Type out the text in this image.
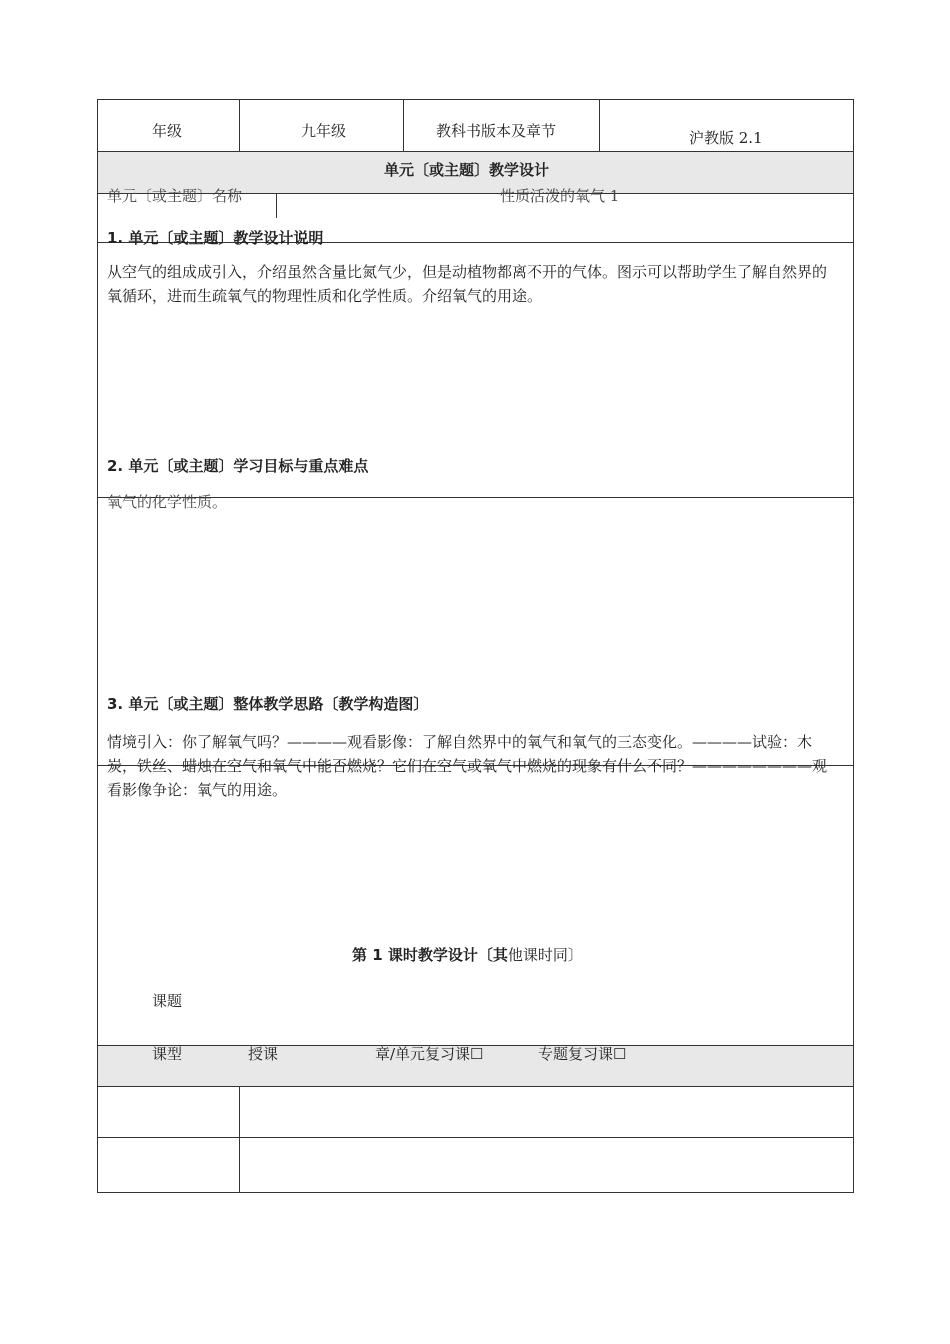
年级	九年级	教科书版本及章节	沪教版 2.1
单元〔或主题〕教学设计
单元〔或主题〕名称	性质活泼的氧气 1
1. 单元〔或主题〕教学设计说明
从空气的组成成引入，介绍虽然含量比氮气少，但是动植物都离不开的气体。图示可以帮助学生了解自然界的氧循环，进而生疏氧气的物理性质和化学性质。介绍氧气的用途。
2. 单元〔或主题〕学习目标与重点难点
氧气的化学性质。
3. 单元〔或主题〕整体教学思路〔教学构造图〕
情境引入：你了解氧气吗？————观看影像：了解自然界中的氧气和氧气的三态变化。————试验：木炭，铁丝、蜡烛在空气和氧气中能否燃烧？它们在空气或氧气中燃烧的现象有什么不同？————————观看影像争论：氧气的用途。
第 1 课时教学设计〔其他课时同〕
课题
课型	授课	章/单元复习课☐	专题复习课☐
